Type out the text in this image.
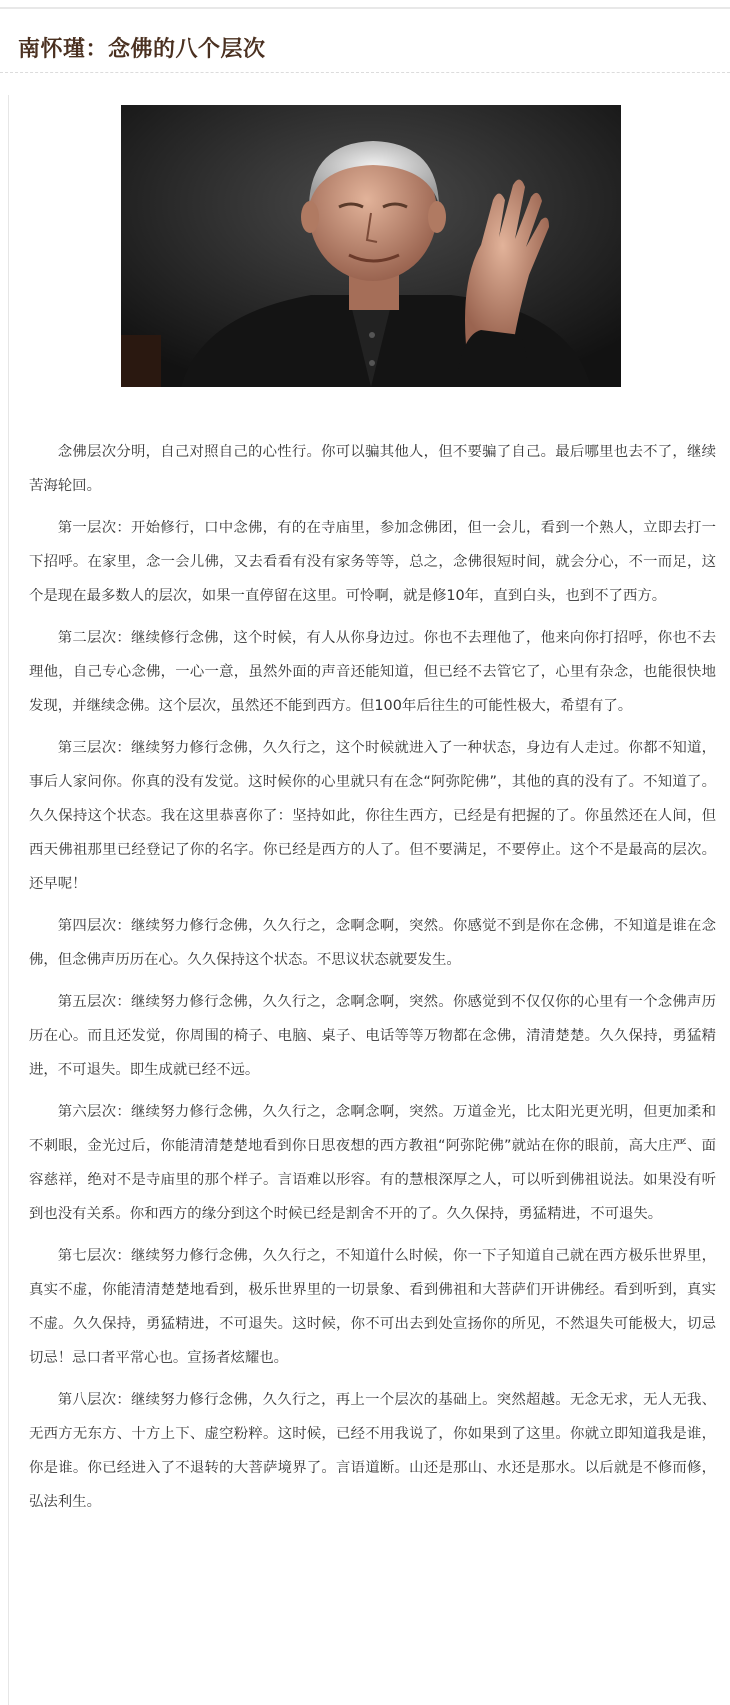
南怀瑾：念佛的八个层次

念佛层次分明，自己对照自己的心性行。你可以骗其他人，但不要骗了自己。最后哪里也去不了，继续苦海轮回。

第一层次：开始修行，口中念佛，有的在寺庙里，参加念佛团，但一会儿，看到一个熟人，立即去打一下招呼。在家里，念一会儿佛，又去看看有没有家务等等，总之，念佛很短时间，就会分心，不一而足，这个是现在最多数人的层次，如果一直停留在这里。可怜啊，就是修10年，直到白头，也到不了西方。

第二层次：继续修行念佛，这个时候，有人从你身边过。你也不去理他了，他来向你打招呼，你也不去理他，自己专心念佛，一心一意，虽然外面的声音还能知道，但已经不去管它了，心里有杂念，也能很快地发现，并继续念佛。这个层次，虽然还不能到西方。但100年后往生的可能性极大，希望有了。

第三层次：继续努力修行念佛，久久行之，这个时候就进入了一种状态，身边有人走过。你都不知道，事后人家问你。你真的没有发觉。这时候你的心里就只有在念“阿弥陀佛”，其他的真的没有了。不知道了。久久保持这个状态。我在这里恭喜你了：坚持如此，你往生西方，已经是有把握的了。你虽然还在人间，但西天佛祖那里已经登记了你的名字。你已经是西方的人了。但不要满足，不要停止。这个不是最高的层次。还早呢！

第四层次：继续努力修行念佛，久久行之，念啊念啊，突然。你感觉不到是你在念佛，不知道是谁在念佛，但念佛声历历在心。久久保持这个状态。不思议状态就要发生。

第五层次：继续努力修行念佛，久久行之，念啊念啊，突然。你感觉到不仅仅你的心里有一个念佛声历历在心。而且还发觉，你周围的椅子、电脑、桌子、电话等等万物都在念佛，清清楚楚。久久保持，勇猛精进，不可退失。即生成就已经不远。

第六层次：继续努力修行念佛，久久行之，念啊念啊，突然。万道金光，比太阳光更光明，但更加柔和不刺眼，金光过后，你能清清楚楚地看到你日思夜想的西方教祖“阿弥陀佛”就站在你的眼前，高大庄严、面容慈祥，绝对不是寺庙里的那个样子。言语难以形容。有的慧根深厚之人，可以听到佛祖说法。如果没有听到也没有关系。你和西方的缘分到这个时候已经是割舍不开的了。久久保持，勇猛精进，不可退失。

第七层次：继续努力修行念佛，久久行之，不知道什么时候，你一下子知道自己就在西方极乐世界里，真实不虚，你能清清楚楚地看到，极乐世界里的一切景象、看到佛祖和大菩萨们开讲佛经。看到听到，真实不虚。久久保持，勇猛精进，不可退失。这时候，你不可出去到处宣扬你的所见，不然退失可能极大，切忌切忌！忌口者平常心也。宣扬者炫耀也。

第八层次：继续努力修行念佛，久久行之，再上一个层次的基础上。突然超越。无念无求，无人无我、无西方无东方、十方上下、虚空粉粹。这时候，已经不用我说了，你如果到了这里。你就立即知道我是谁，你是谁。你已经进入了不退转的大菩萨境界了。言语道断。山还是那山、水还是那水。以后就是不修而修，弘法利生。
